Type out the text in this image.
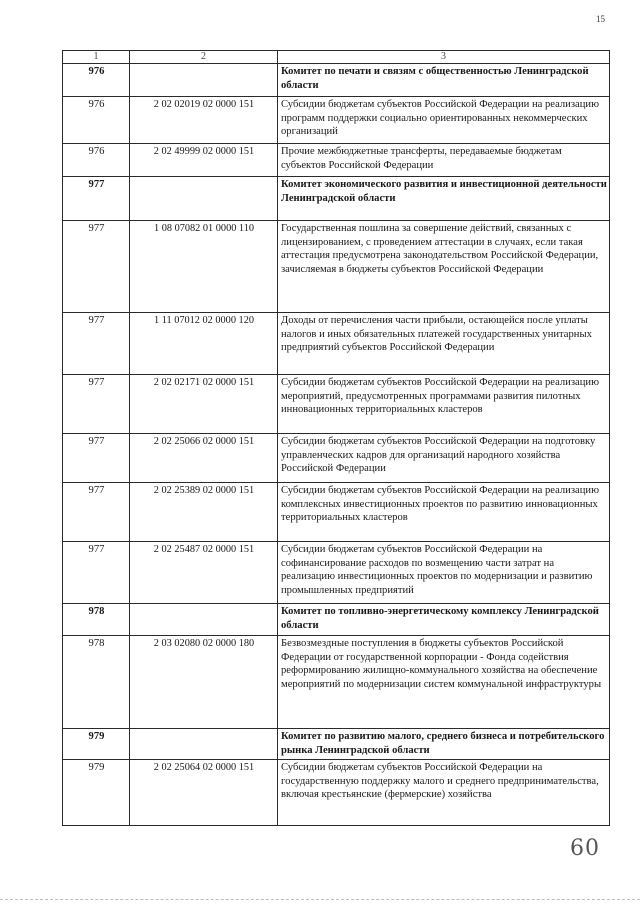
15
1	2	3
976		Комитет по печати и связям с общественностью Ленинградской области
976	2 02 02019 02 0000 151	Субсидии бюджетам субъектов Российской Федерации на реализацию программ поддержки социально ориентированных некоммерческих организаций
976	2 02 49999 02 0000 151	Прочие межбюджетные трансферты, передаваемые бюджетам субъектов Российской Федерации
977		Комитет экономического развития и инвестиционной деятельности Ленинградской области
977	1 08 07082 01 0000 110	Государственная пошлина за совершение действий, связанных с лицензированием, с проведением аттестации в случаях, если такая аттестация предусмотрена законодательством Российской Федерации, зачисляемая в бюджеты субъектов Российской Федерации
977	1 11 07012 02 0000 120	Доходы от перечисления части прибыли, остающейся после уплаты налогов и иных обязательных платежей государственных унитарных предприятий субъектов Российской Федерации
977	2 02 02171 02 0000 151	Субсидии бюджетам субъектов Российской Федерации на реализацию мероприятий, предусмотренных программами развития пилотных инновационных территориальных кластеров
977	2 02 25066 02 0000 151	Субсидии бюджетам субъектов Российской Федерации на подготовку управленческих кадров для организаций народного хозяйства Российской Федерации
977	2 02 25389 02 0000 151	Субсидии бюджетам субъектов Российской Федерации на реализацию комплексных инвестиционных проектов по развитию инновационных территориальных кластеров
977	2 02 25487 02 0000 151	Субсидии бюджетам субъектов Российской Федерации на софинансирование расходов по возмещению части затрат на реализацию инвестиционных проектов по модернизации и развитию промышленных предприятий
978		Комитет по топливно-энергетическому комплексу Ленинградской области
978	2 03 02080 02 0000 180	Безвозмездные поступления в бюджеты субъектов Российской Федерации от государственной корпорации - Фонда содействия реформированию жилищно-коммунального хозяйства на обеспечение мероприятий по модернизации систем коммунальной инфраструктуры
979		Комитет по развитию малого, среднего бизнеса и потребительского рынка Ленинградской области
979	2 02 25064 02 0000 151	Субсидии бюджетам субъектов Российской Федерации на государственную поддержку малого и среднего предпринимательства, включая крестьянские (фермерские) хозяйства
60
